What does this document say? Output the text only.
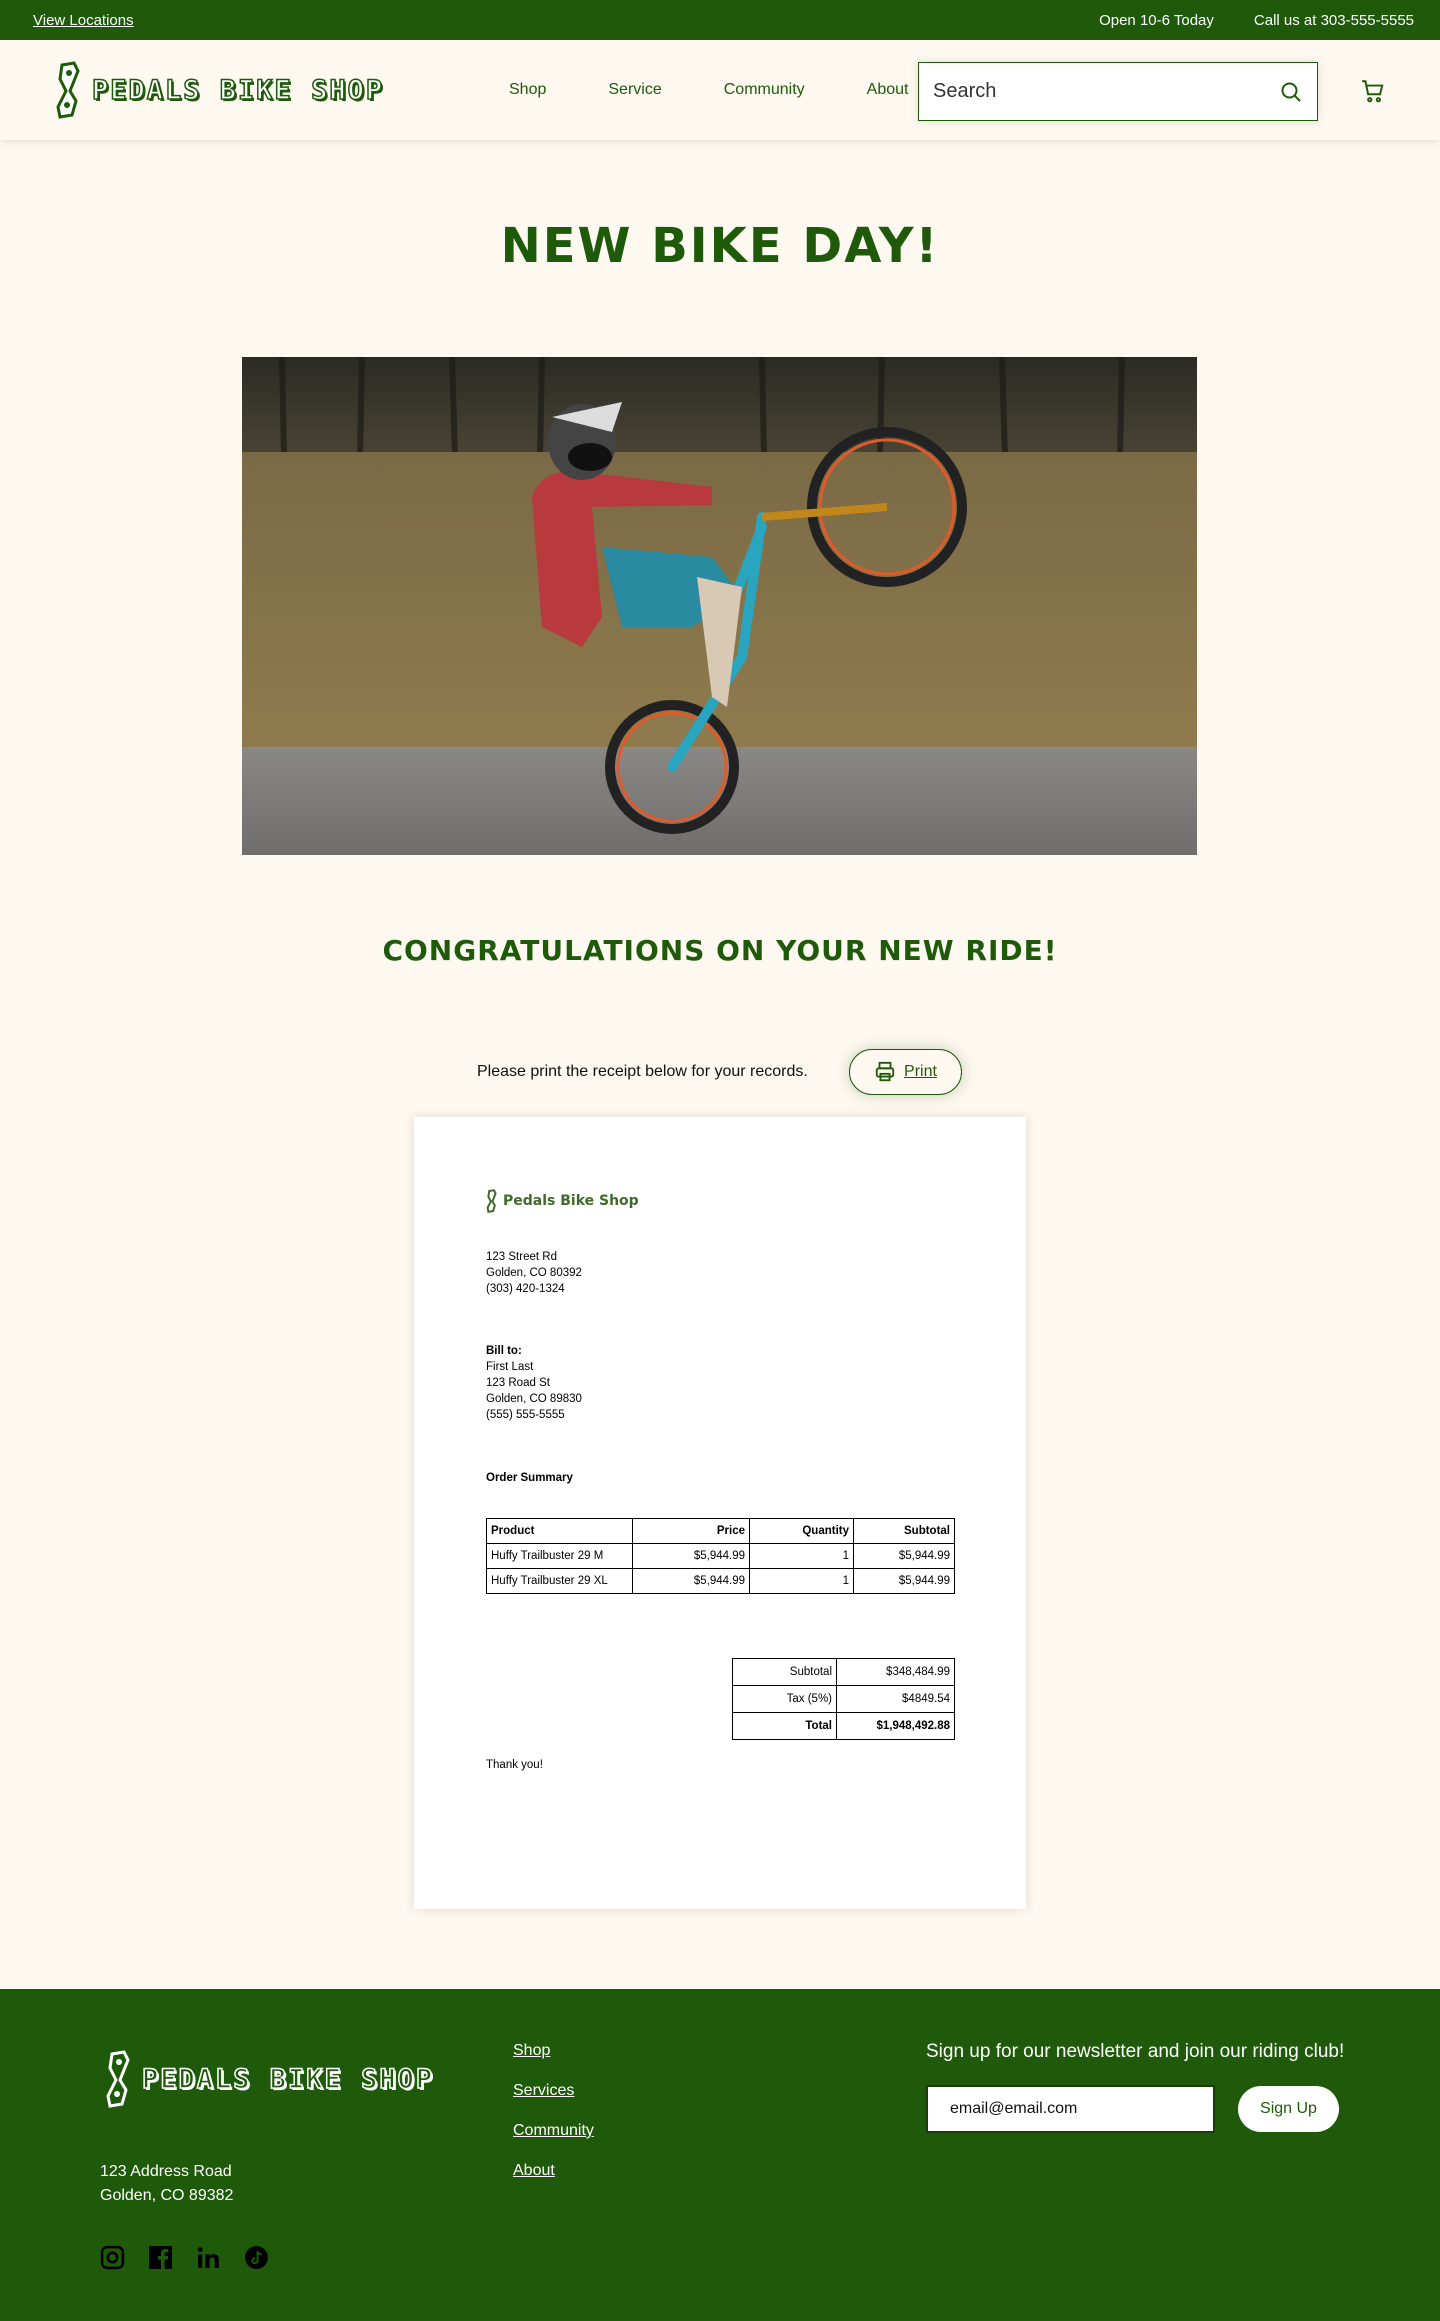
View Locations	Open 10-6 Today	Call us at 303-555-5555
PEDALS BIKE SHOP	Shop	Service	Community	About
Search
NEW BIKE DAY!
CONGRATULATIONS ON YOUR NEW RIDE!
Please print the receipt below for your records.	Print
Pedals Bike Shop
123 Street Rd
Golden, CO 80392
(303) 420-1324
Bill to:
First Last
123 Road St
Golden, CO 89830
(555) 555-5555
Order Summary
Product	Price	Quantity	Subtotal
Huffy Trailbuster 29 M	$5,944.99	1	$5,944.99
Huffy Trailbuster 29 XL	$5,944.99	1	$5,944.99
Subtotal	$348,484.99
Tax (5%)	$4849.54
Total	$1,948,492.88
Thank you!
PEDALS BIKE SHOP
123 Address Road
Golden, CO 89382
Shop
Services
Community
About

Sign up for our newsletter and join our riding club!

email@email.com
Sign Up
